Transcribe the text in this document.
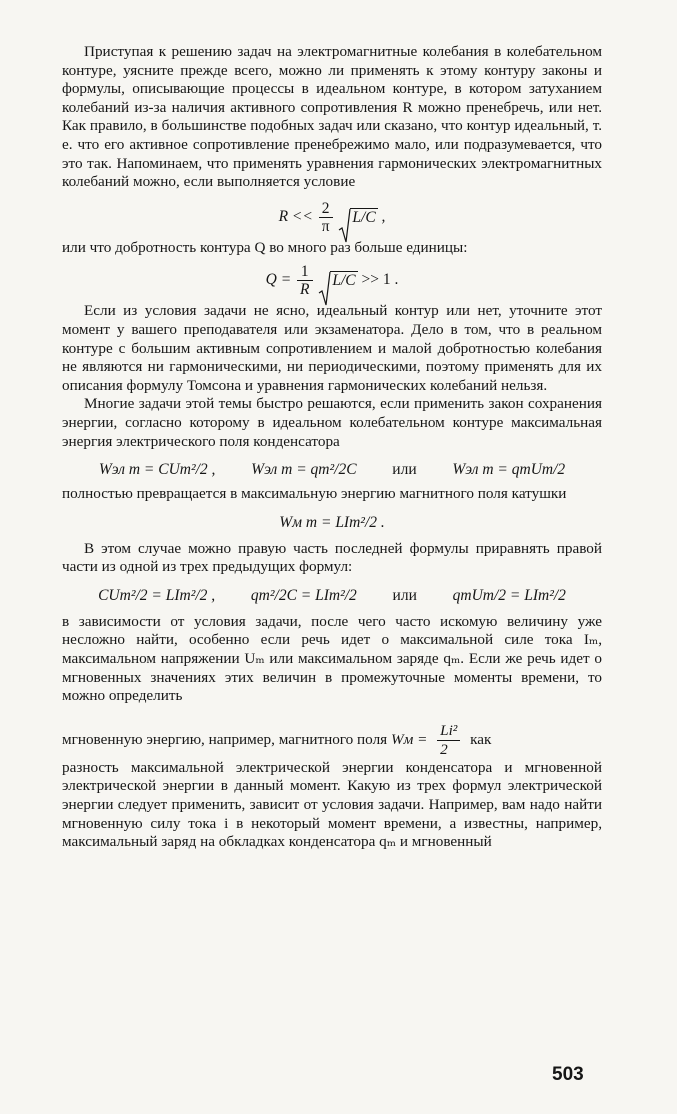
Приступая к решению задач на электромагнитные колебания в колебательном контуре, уясните прежде всего, можно ли применять к этому контуру законы и формулы, описывающие процессы в идеальном контуре, в котором затуханием колебаний из-за наличия активного сопротивления R можно пренебречь, или нет. Как правило, в большинстве подобных задач или сказано, что контур идеальный, т. е. что его активное сопротивление пренебрежимо мало, или подразумевается, что это так. Напоминаем, что применять уравнения гармонических электромагнитных колебаний можно, если выполняется условие

$R << \frac{2}{\pi}$
L/C ,

или что добротность контура Q во много раз больше единицы:

$Q = \frac{1}{R}$
L/C >> 1 .

Если из условия задачи не ясно, идеальный контур или нет, уточните этот момент у вашего преподавателя или экзаменатора. Дело в том, что в реальном контуре с большим активным сопротивлением и малой добротностью колебания не являются ни гармоническими, ни периодическими, поэтому применять для их описания формулу Томсона и уравнения гармонических колебаний нельзя.

Многие задачи этой темы быстро решаются, если применить закон сохранения энергии, согласно которому в идеальном колебательном контуре максимальная энергия электрического поля конденсатора

Wэл m = CUm²/2 , Wэл m = qm²/2C или Wэл m = qmUm/2

полностью превращается в максимальную энергию магнитного поля катушки

Wм m = LIm²/2 .

В этом случае можно правую часть последней формулы приравнять правой части из одной из трех предыдущих формул:

CUm²/2 = LIm²/2 , qm²/2C = LIm²/2 или qmUm/2 = LIm²/2

в зависимости от условия задачи, после чего часто искомую величину уже несложно найти, особенно если речь идет о максимальной силе тока Iₘ, максимальном напряжении Uₘ или максимальном заряде qₘ. Если же речь идет о мгновенных значениях этих величин в промежуточные моменты времени, то можно определить

мгновенную энергию, например, магнитного поля Wм = $\frac{\text{Li²}}{2}$ как

разность максимальной электрической энергии конденсатора и мгновенной электрической энергии в данный момент. Какую из трех формул электрической энергии следует применить, зависит от условия задачи. Например, вам надо найти мгновенную силу тока i в некоторый момент времени, а известны, например, максимальный заряд на обкладках конденсатора qₘ и мгновенный

503
